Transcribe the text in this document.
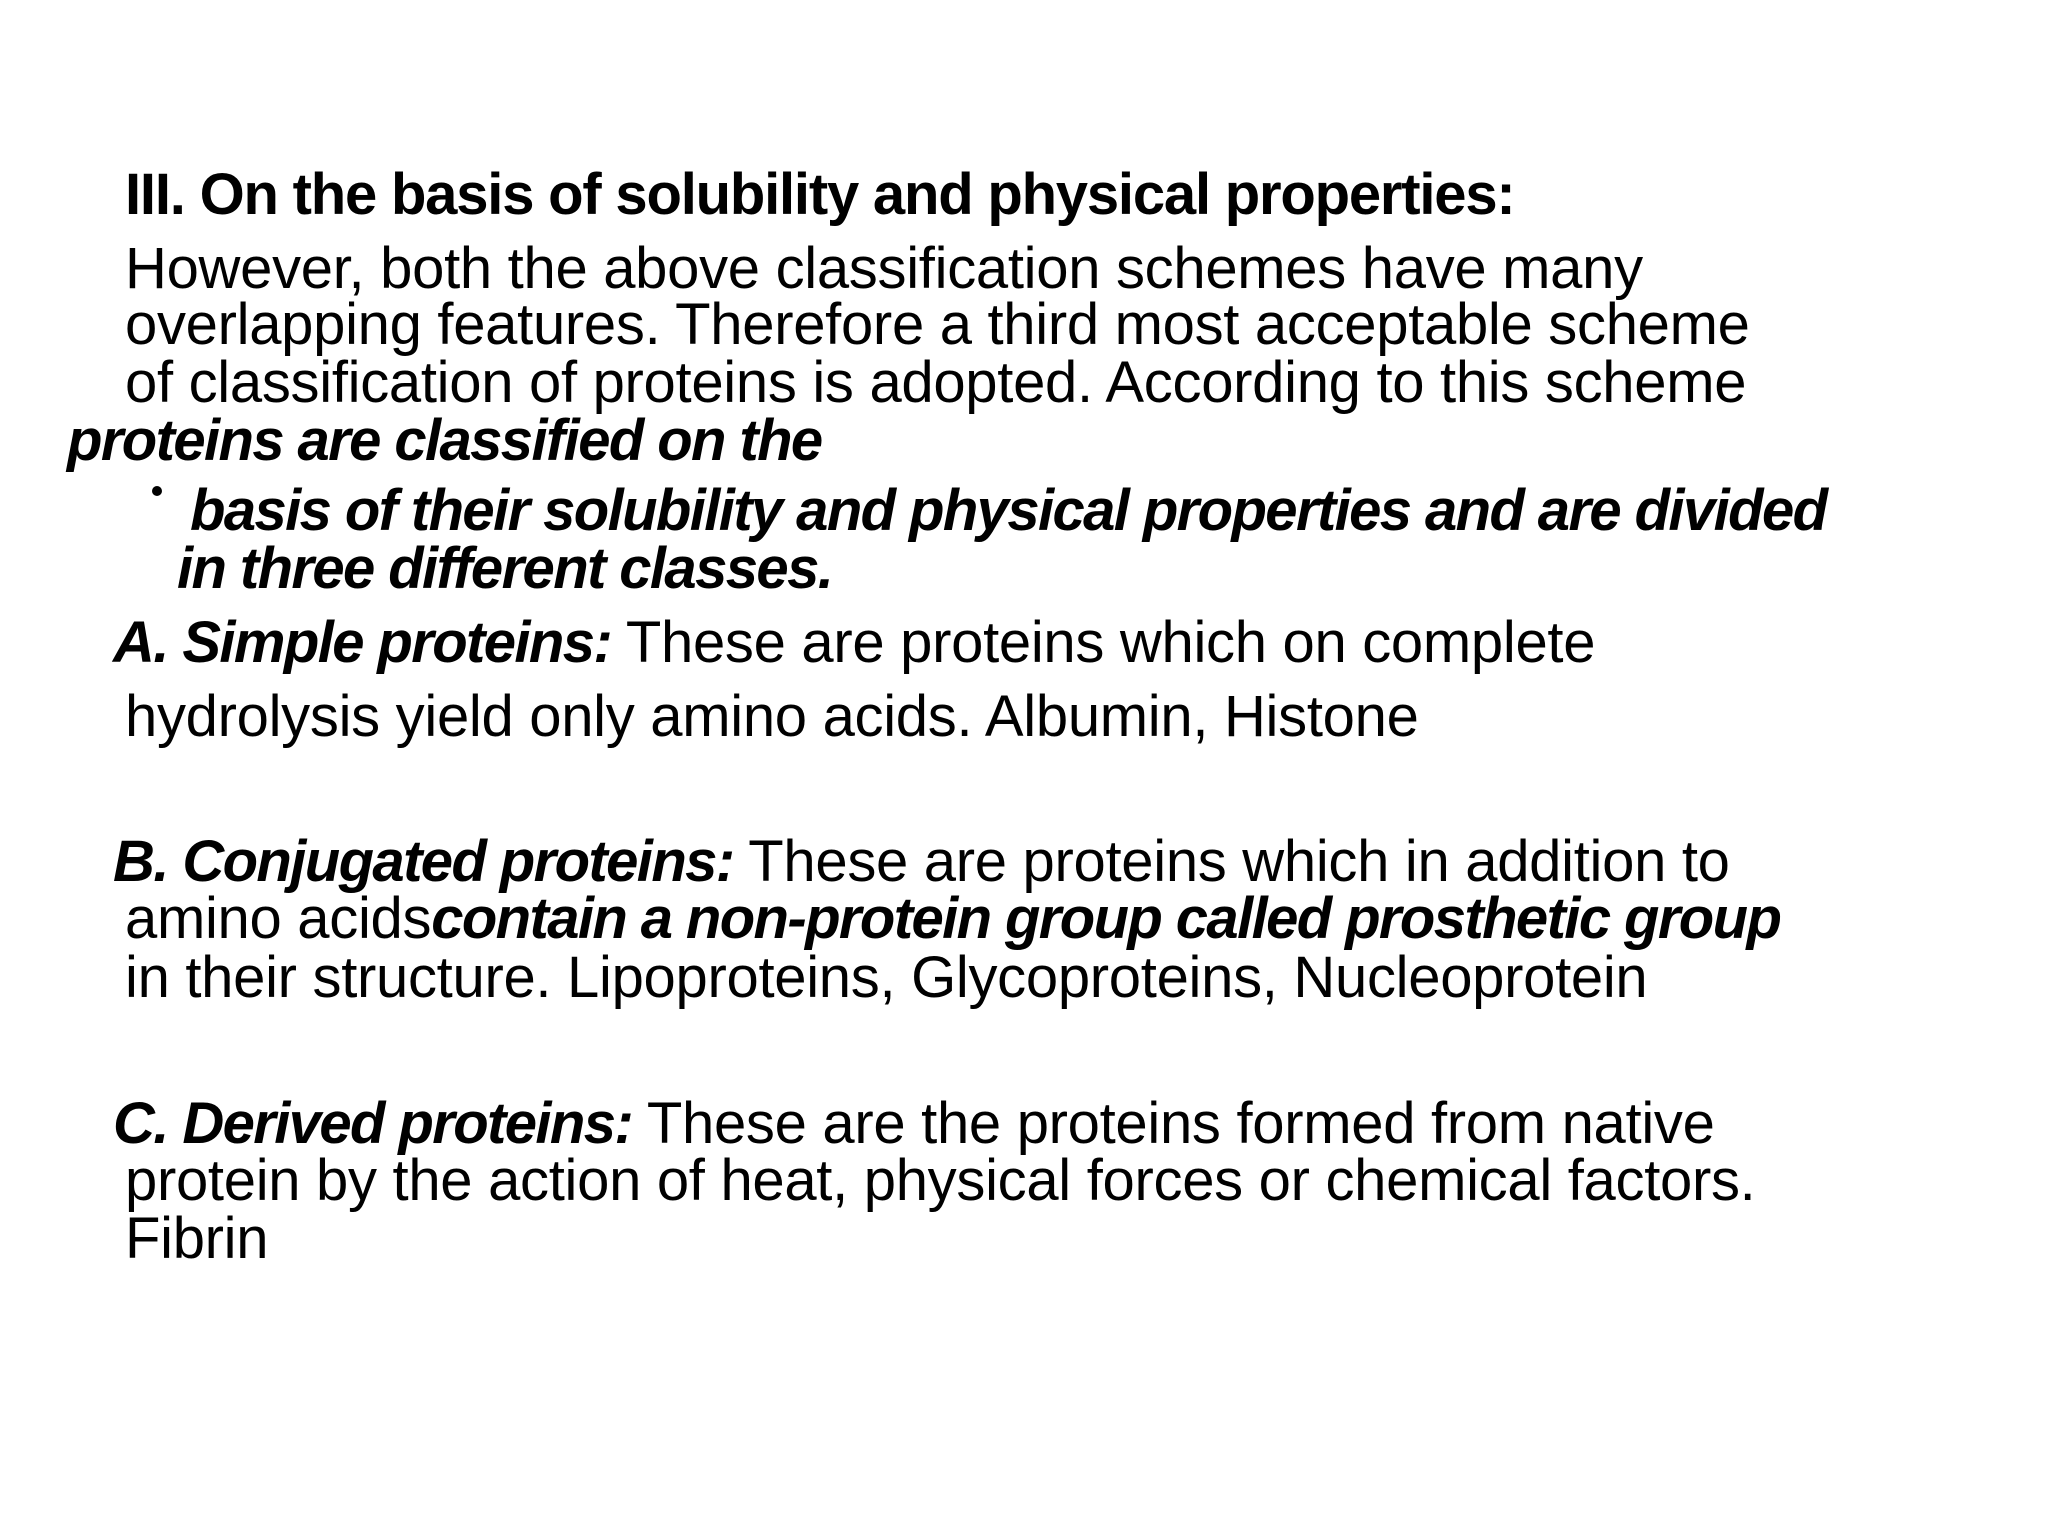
III. On the basis of solubility and physical properties:
However, both the above classification schemes have many
overlapping features. Therefore a third most acceptable scheme
of classification of proteins is adopted. According to this scheme
proteins are classified on the
basis of their solubility and physical properties and are divided
in three different classes.
A. Simple proteins: These are proteins which on complete
hydrolysis yield only amino acids. Albumin, Histone
B. Conjugated proteins: These are proteins which in addition to
amino acidscontain a non-protein group called prosthetic group
in their structure. Lipoproteins, Glycoproteins, Nucleoprotein
C. Derived proteins: These are the proteins formed from native
protein by the action of heat, physical forces or chemical factors.
Fibrin
